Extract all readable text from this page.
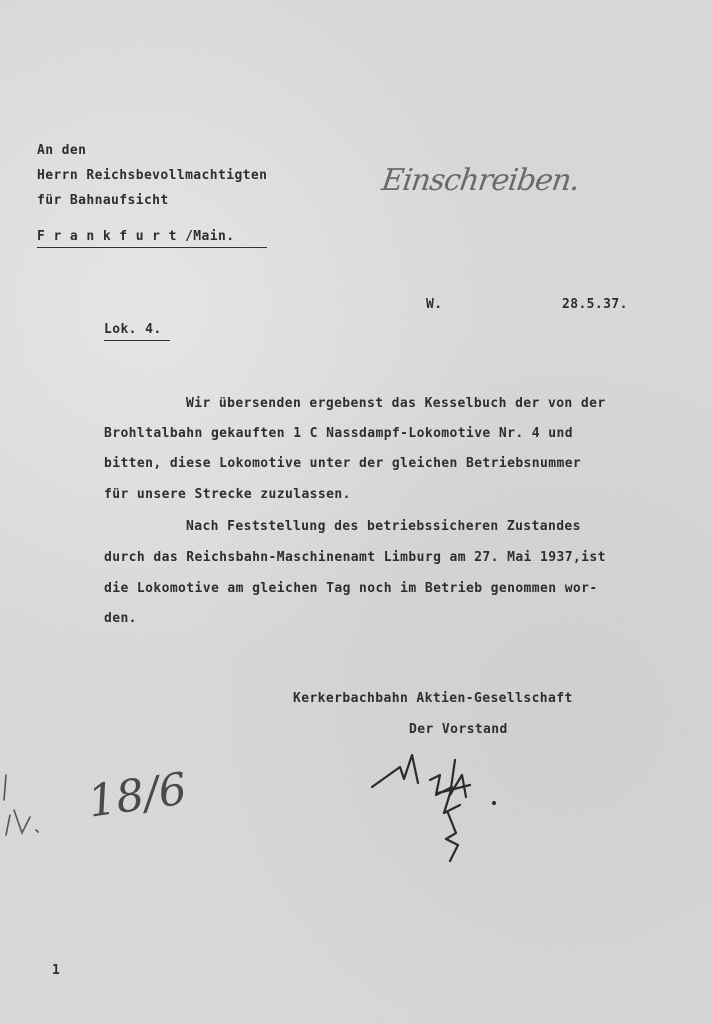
An den
Herrn Reichsbevollmachtigten
für Bahnaufsicht
F r a n k f u r t /Main.
Einschreiben.
W.	28.5.37.
Lok. 4.
Wir übersenden ergebenst das Kesselbuch der von der
Brohltalbahn gekauften 1 C Nassdampf-Lokomotive Nr. 4 und
bitten, diese Lokomotive unter der gleichen Betriebsnummer
für unsere Strecke zuzulassen.
Nach Feststellung des betriebssicheren Zustandes
durch das Reichsbahn-Maschinenamt Limburg am 27. Mai 1937,ist
die Lokomotive am gleichen Tag noch im Betrieb genommen wor-
den.
Kerkerbachbahn Aktien-Gesellschaft
Der Vorstand
18/6
1
